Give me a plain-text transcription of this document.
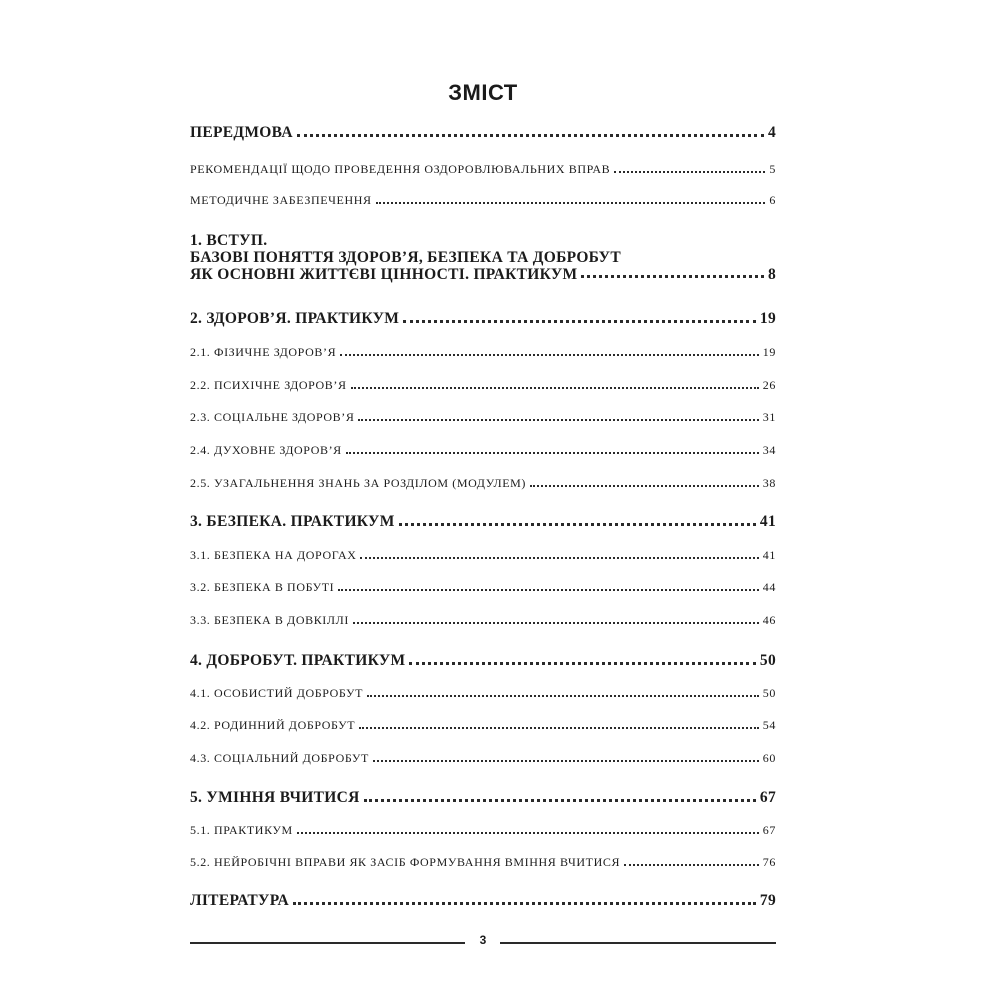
ЗМІСТ
ПЕРЕДМОВА	4
РЕКОМЕНДАЦІЇ ЩОДО ПРОВЕДЕННЯ ОЗДОРОВЛЮВАЛЬНИХ ВПРАВ	5
МЕТОДИЧНЕ ЗАБЕЗПЕЧЕННЯ	6
1. ВСТУП.
БАЗОВІ ПОНЯТТЯ ЗДОРОВ’Я, БЕЗПЕКА ТА ДОБРОБУТ
ЯК ОСНОВНІ ЖИТТЄВІ ЦІННОСТІ. ПРАКТИКУМ	8
2. ЗДОРОВ’Я. ПРАКТИКУМ	19
2.1. ФІЗИЧНЕ ЗДОРОВ’Я	19
2.2. ПСИХІЧНЕ ЗДОРОВ’Я	26
2.3. СОЦІАЛЬНЕ ЗДОРОВ’Я	31
2.4. ДУХОВНЕ ЗДОРОВ’Я	34
2.5. УЗАГАЛЬНЕННЯ ЗНАНЬ ЗА РОЗДІЛОМ (МОДУЛЕМ)	38
3. БЕЗПЕКА. ПРАКТИКУМ	41
3.1. БЕЗПЕКА НА ДОРОГАХ	41
3.2. БЕЗПЕКА В ПОБУТІ	44
3.3. БЕЗПЕКА В ДОВКІЛЛІ	46
4. ДОБРОБУТ. ПРАКТИКУМ	50
4.1. ОСОБИСТИЙ ДОБРОБУТ	50
4.2. РОДИННИЙ ДОБРОБУТ	54
4.3. СОЦІАЛЬНИЙ ДОБРОБУТ	60
5. УМІННЯ ВЧИТИСЯ	67
5.1. ПРАКТИКУМ	67
5.2. НЕЙРОБІЧНІ ВПРАВИ ЯК ЗАСІБ ФОРМУВАННЯ ВМІННЯ ВЧИТИСЯ	76
ЛІТЕРАТУРА	79
3
